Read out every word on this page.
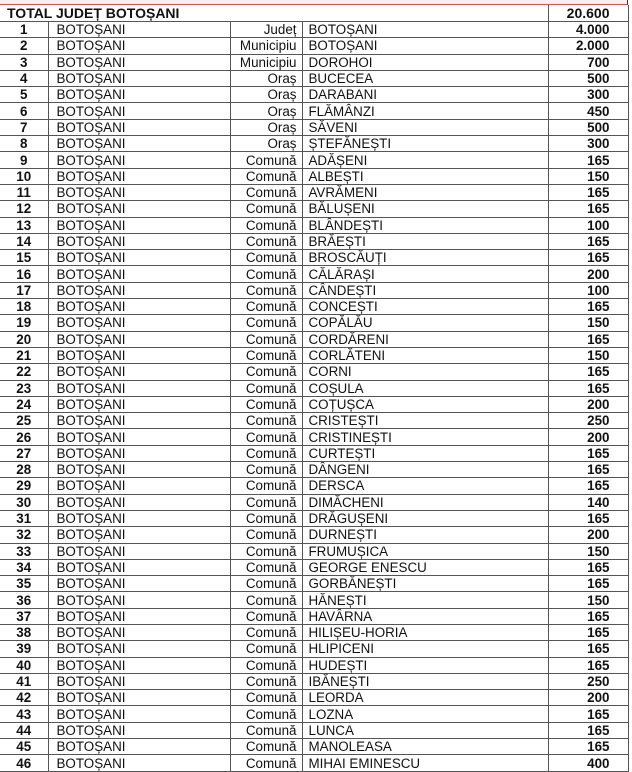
TOTAL JUDEȚ BOTOȘANI				20.600
1	BOTOȘANI	Județ	BOTOȘANI	4.000
2	BOTOȘANI	Municipiu	BOTOȘANI	2.000
3	BOTOȘANI	Municipiu	DOROHOI	700
4	BOTOȘANI	Oraș	BUCECEA	500
5	BOTOȘANI	Oraș	DARABANI	300
6	BOTOȘANI	Oraș	FLĂMÂNZI	450
7	BOTOȘANI	Oraș	SĂVENI	500
8	BOTOȘANI	Oraș	ȘTEFĂNEȘTI	300
9	BOTOȘANI	Comună	ADĂȘENI	165
10	BOTOȘANI	Comună	ALBEȘTI	150
11	BOTOȘANI	Comună	AVRĂMENI	165
12	BOTOȘANI	Comună	BĂLUȘENI	165
13	BOTOȘANI	Comună	BLÂNDEȘTI	100
14	BOTOȘANI	Comună	BRĂEȘTI	165
15	BOTOȘANI	Comună	BROSCĂUȚI	165
16	BOTOȘANI	Comună	CĂLĂRAȘI	200
17	BOTOȘANI	Comună	CÂNDEȘTI	100
18	BOTOȘANI	Comună	CONCEȘTI	165
19	BOTOȘANI	Comună	COPĂLĂU	150
20	BOTOȘANI	Comună	CORDĂRENI	165
21	BOTOȘANI	Comună	CORLĂTENI	150
22	BOTOȘANI	Comună	CORNI	165
23	BOTOȘANI	Comună	COȘULA	165
24	BOTOȘANI	Comună	COȚUȘCA	200
25	BOTOȘANI	Comună	CRISTEȘTI	250
26	BOTOȘANI	Comună	CRISTINEȘTI	200
27	BOTOȘANI	Comună	CURTEȘTI	165
28	BOTOȘANI	Comună	DÂNGENI	165
29	BOTOȘANI	Comună	DERSCA	165
30	BOTOȘANI	Comună	DIMĂCHENI	140
31	BOTOȘANI	Comună	DRĂGUȘENI	165
32	BOTOȘANI	Comună	DURNEȘTI	200
33	BOTOȘANI	Comună	FRUMUȘICA	150
34	BOTOȘANI	Comună	GEORGE ENESCU	165
35	BOTOȘANI	Comună	GORBĂNEȘTI	165
36	BOTOȘANI	Comună	HĂNEȘTI	150
37	BOTOȘANI	Comună	HAVÂRNA	165
38	BOTOȘANI	Comună	HILIȘEU-HORIA	165
39	BOTOȘANI	Comună	HLIPICENI	165
40	BOTOȘANI	Comună	HUDEȘTI	165
41	BOTOȘANI	Comună	IBĂNEȘTI	250
42	BOTOȘANI	Comună	LEORDA	200
43	BOTOȘANI	Comună	LOZNA	165
44	BOTOȘANI	Comună	LUNCA	165
45	BOTOȘANI	Comună	MANOLEASA	165
46	BOTOȘANI	Comună	MIHAI EMINESCU	400
